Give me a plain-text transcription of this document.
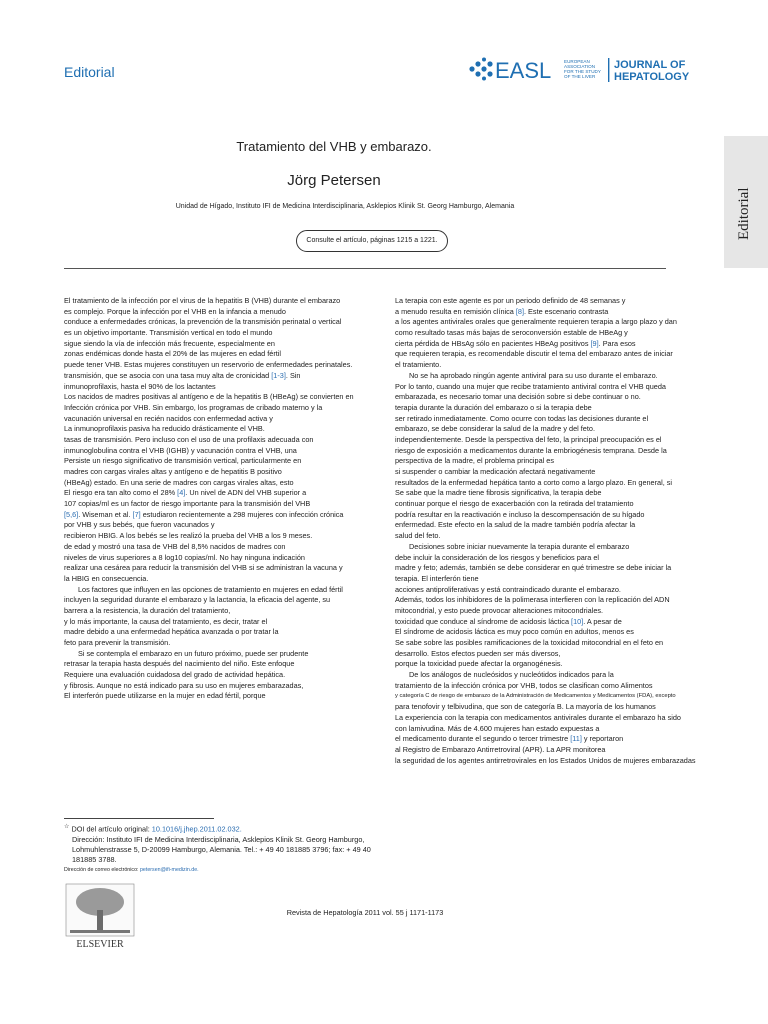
Editorial	EASL	EUROPEAN
ASSOCIATION
FOR THE STUDY
OF THE LIVER
JOURNAL OF
HEPATOLOGY
Editorial
Tratamiento del VHB y embarazo.
Jörg Petersen
Unidad de Hígado, Instituto IFI de Medicina Interdisciplinaria, Asklepios Klinik St. Georg Hamburgo, Alemania
Consulte el artículo, páginas 1215 a 1221.
El tratamiento de la infección por el virus de la hepatitis B (VHB) durante el embarazo
es complejo. Porque la infección por el VHB en la infancia a menudo
conduce a enfermedades crónicas, la prevención de la transmisión perinatal o vertical
es un objetivo importante. Transmisión vertical en todo el mundo
sigue siendo la vía de infección más frecuente, especialmente en
zonas endémicas donde hasta el 20% de las mujeres en edad fértil
puede tener VHB. Estas mujeres constituyen un reservorio de enfermedades perinatales.
transmisión, que se asocia con una tasa muy alta de cronicidad [1-3]. Sin
inmunoprofilaxis, hasta el 90% de los lactantes
Los nacidos de madres positivas al antígeno e de la hepatitis B (HBeAg) se convierten en
Infección crónica por VHB. Sin embargo, los programas de cribado materno y la
vacunación universal en recién nacidos con enfermedad activa y
La inmunoprofilaxis pasiva ha reducido drásticamente el VHB.
tasas de transmisión. Pero incluso con el uso de una profilaxis adecuada con
inmunoglobulina contra el VHB (IGHB) y vacunación contra el VHB, una
Persiste un riesgo significativo de transmisión vertical, particularmente en
madres con cargas virales altas y antígeno e de hepatitis B positivo
(HBeAg) estado. En una serie de madres con cargas virales altas, esto
El riesgo era tan alto como el 28% [4]. Un nivel de ADN del VHB superior a
107 copias/ml es un factor de riesgo importante para la transmisión del VHB
[5,6]. Wiseman et al. [7] estudiaron recientemente a 298 mujeres con infección crónica
por VHB y sus bebés, que fueron vacunados y
recibieron HBIG. A los bebés se les realizó la prueba del VHB a los 9 meses.
de edad y mostró una tasa de VHB del 8,5% nacidos de madres con
niveles de virus superiores a 8 log10 copias/ml. No hay ninguna indicación
realizar una cesárea para reducir la transmisión del VHB si se administran la vacuna y
la HBIG en consecuencia.
Los factores que influyen en las opciones de tratamiento en mujeres en edad fértil
incluyen la seguridad durante el embarazo y la lactancia, la eficacia del agente, su
barrera a la resistencia, la duración del tratamiento,
y lo más importante, la causa del tratamiento, es decir, tratar el
madre debido a una enfermedad hepática avanzada o por tratar la
feto para prevenir la transmisión.
Si se contempla el embarazo en un futuro próximo, puede ser prudente
retrasar la terapia hasta después del nacimiento del niño. Este enfoque
Requiere una evaluación cuidadosa del grado de actividad hepática.
y fibrosis. Aunque no está indicado para su uso en mujeres embarazadas,
El interferón puede utilizarse en la mujer en edad fértil, porque
La terapia con este agente es por un periodo definido de 48 semanas y
a menudo resulta en remisión clínica [8]. Este escenario contrasta
a los agentes antivirales orales que generalmente requieren terapia a largo plazo y dan
como resultado tasas más bajas de seroconversión estable de HBeAg y
cierta pérdida de HBsAg sólo en pacientes HBeAg positivos [9]. Para esos
que requieren terapia, es recomendable discutir el tema del embarazo antes de iniciar
el tratamiento.
No se ha aprobado ningún agente antiviral para su uso durante el embarazo.
Por lo tanto, cuando una mujer que recibe tratamiento antiviral contra el VHB queda
embarazada, es necesario tomar una decisión sobre si debe continuar o no.
terapia durante la duración del embarazo o si la terapia debe
ser retirado inmediatamente. Como ocurre con todas las decisiones durante el
embarazo, se debe considerar la salud de la madre y del feto.
independientemente. Desde la perspectiva del feto, la principal preocupación es el
riesgo de exposición a medicamentos durante la embriogénesis temprana. Desde la
perspectiva de la madre, el problema principal es
si suspender o cambiar la medicación afectará negativamente
resultados de la enfermedad hepática tanto a corto como a largo plazo. En general, si
Se sabe que la madre tiene fibrosis significativa, la terapia debe
continuar porque el riesgo de exacerbación con la retirada del tratamiento
podría resultar en la reactivación e incluso la descompensación de su hígado
enfermedad. Este efecto en la salud de la madre también podría afectar la
salud del feto.
Decisiones sobre iniciar nuevamente la terapia durante el embarazo
debe incluir la consideración de los riesgos y beneficios para el
madre y feto; además, también se debe considerar en qué trimestre se debe iniciar la
terapia. El interferón tiene
acciones antiproliferativas y está contraindicado durante el embarazo.
Además, todos los inhibidores de la polimerasa interfieren con la replicación del ADN
mitocondrial, y esto puede provocar alteraciones mitocondriales.
toxicidad que conduce al síndrome de acidosis láctica [10]. A pesar de
El síndrome de acidosis láctica es muy poco común en adultos, menos es
Se sabe sobre las posibles ramificaciones de la toxicidad mitocondrial en el feto en
desarrollo. Estos efectos pueden ser más diversos,
porque la toxicidad puede afectar la organogénesis.
De los análogos de nucleósidos y nucleótidos indicados para la
tratamiento de la infección crónica por VHB, todos se clasifican como Alimentos
y categoría C de riesgo de embarazo de la Administración de Medicamentos y Medicamentos (FDA), excepto
para tenofovir y telbivudina, que son de categoría B. La mayoría de los humanos
La experiencia con la terapia con medicamentos antivirales durante el embarazo ha sido
con lamivudina. Más de 4.600 mujeres han estado expuestas a
el medicamento durante el segundo o tercer trimestre [11] y reportaron
al Registro de Embarazo Antirretroviral (APR). La APR monitorea
la seguridad de los agentes antirretrovirales en los Estados Unidos de mujeres embarazadas
☆ DOI del artículo original: 10.1016/j.jhep.2011.02.032.
Dirección: Instituto IFI de Medicina Interdisciplinaria, Asklepios Klinik St. Georg Hamburgo, Lohmuhlenstrasse 5, D-20099 Hamburgo, Alemania. Tel.: + 49 40 181885 3796; fax: + 49 40 181885 3788.
Dirección de correo electrónico: petersen@ifi-medizin.de.
ELSEVIER
Revista de Hepatología 2011 vol. 55 j 1171-1173
